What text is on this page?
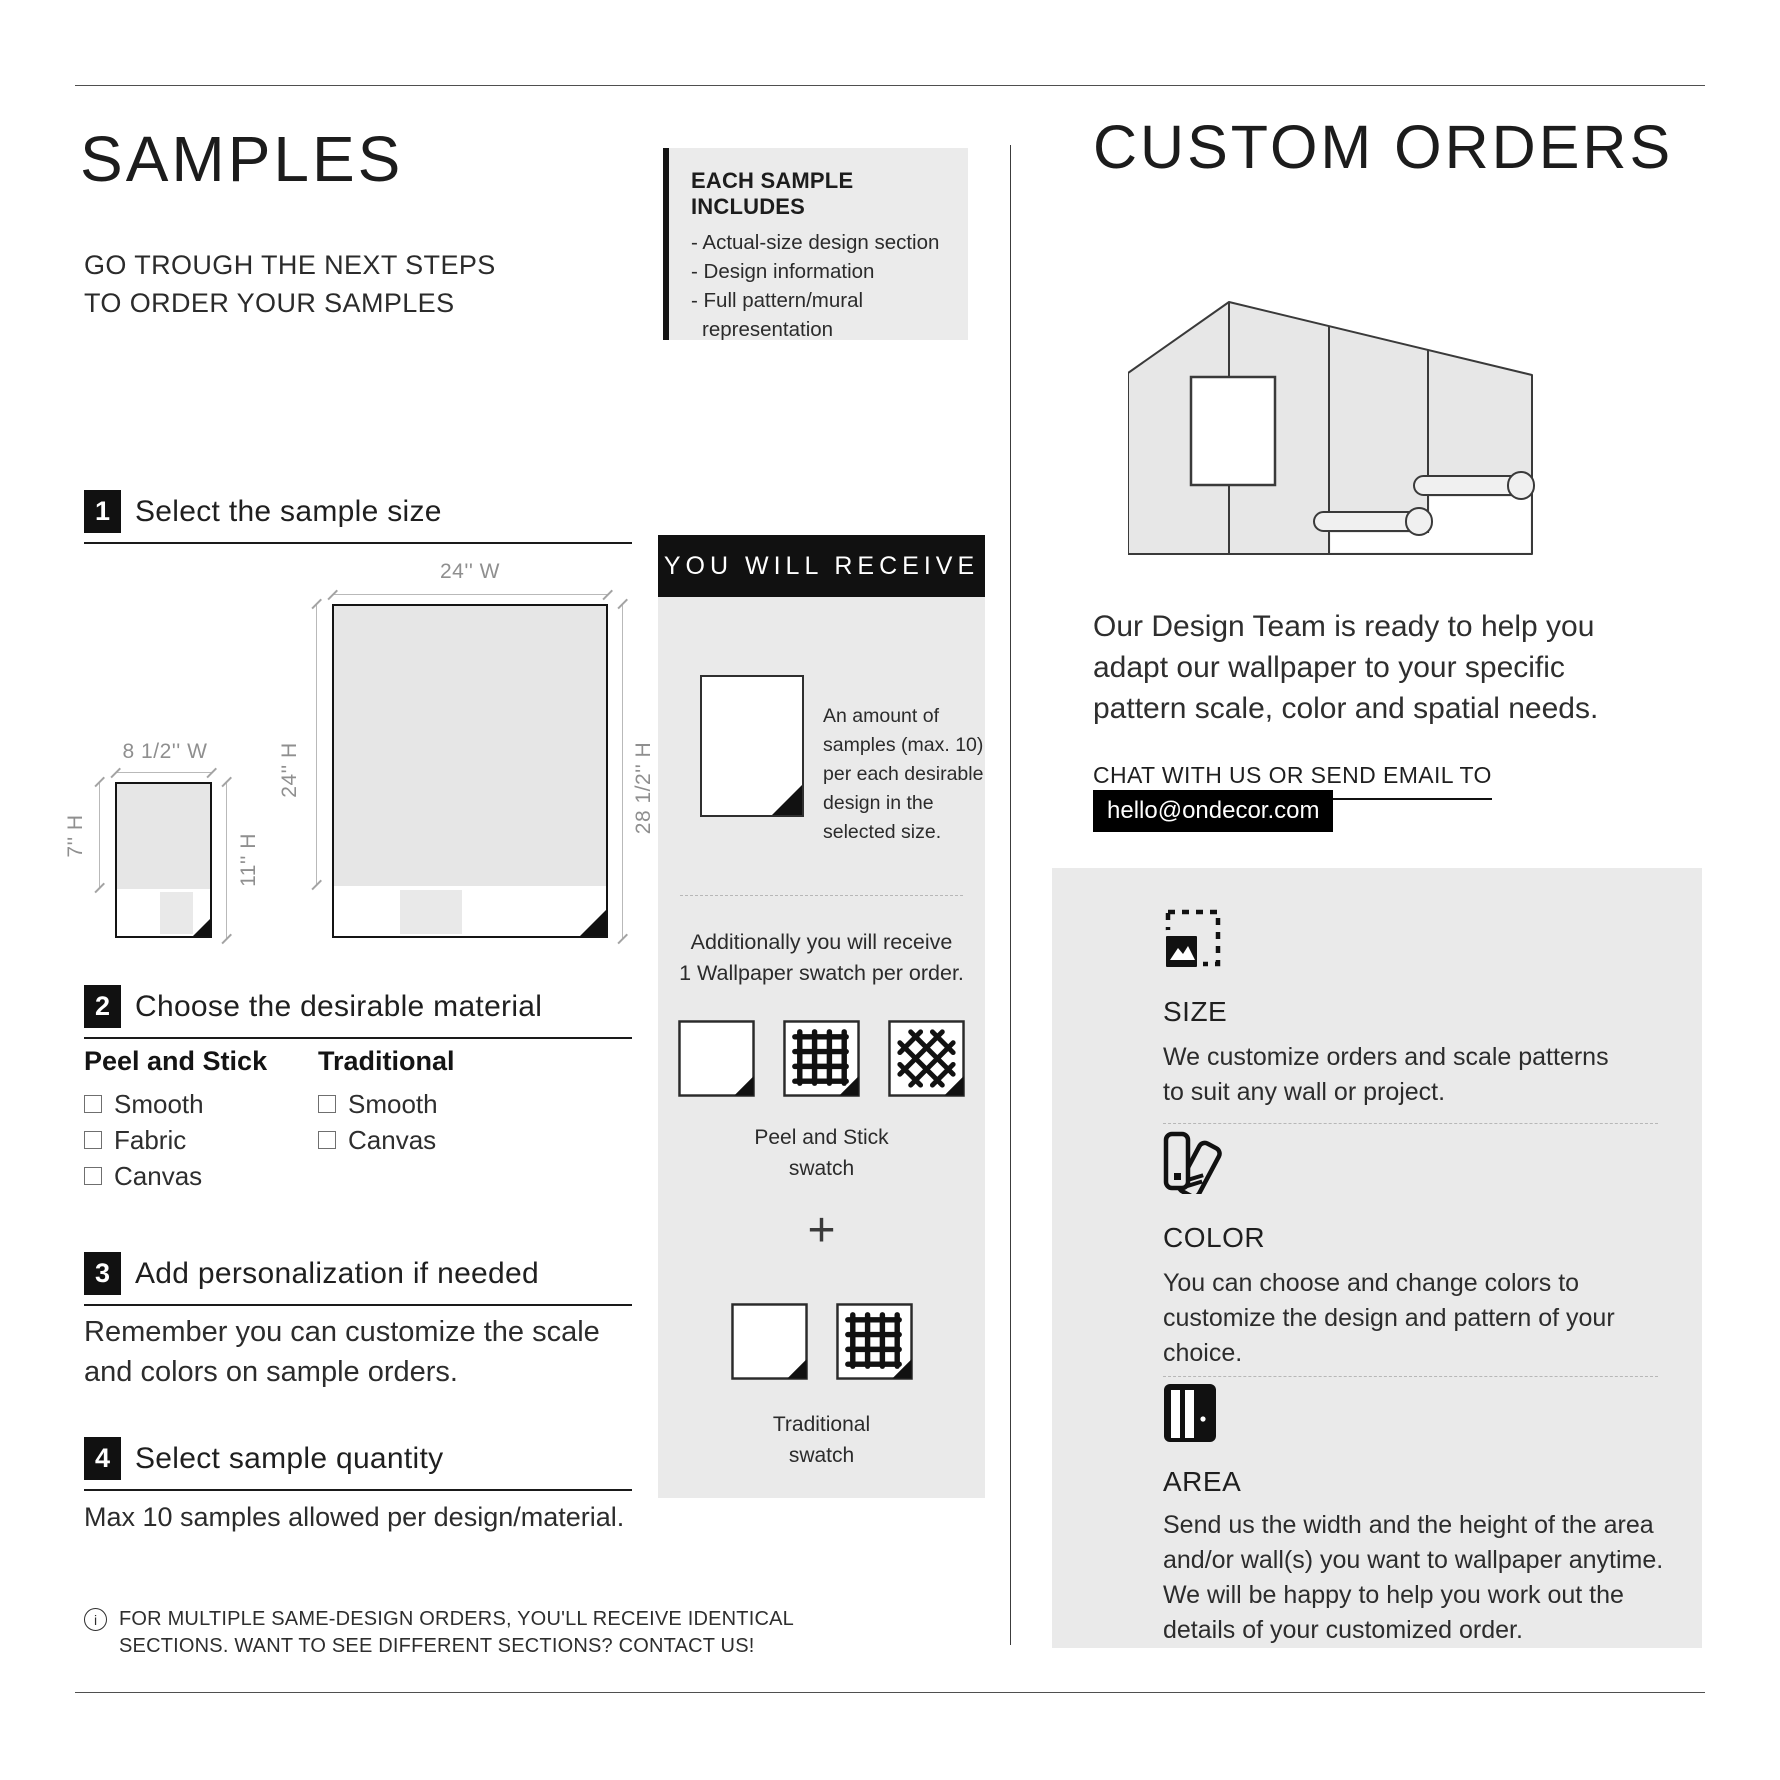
SAMPLES
GO TROUGH THE NEXT STEPS
TO ORDER YOUR SAMPLES
EACH SAMPLE INCLUDES
- Actual-size design section
- Design information
- Full pattern/mural
representation
1 Select the sample size
24'' W
24'' H	28 1/2'' H
8 1/2'' W
7'' H	11'' H
2 Choose the desirable material
Peel and Stick Traditional
Smooth
Fabric
Canvas
Smooth
Canvas
3 Add personalization if needed
Remember you can customize the scale
and colors on sample orders.
4 Select sample quantity
Max 10 samples allowed per design/material.
i	FOR MULTIPLE SAME-DESIGN ORDERS, YOU'LL RECEIVE IDENTICAL
SECTIONS. WANT TO SEE DIFFERENT SECTIONS? CONTACT US!
YOU WILL RECEIVE
An amount of
samples (max. 10)
per each desirable
design in the
selected size.
Additionally you will receive
1 Wallpaper swatch per order.
Peel and Stick
swatch
+
Traditional
swatch
CUSTOM ORDERS
Our Design Team is ready to help you
adapt our wallpaper to your specific
pattern scale, color and spatial needs.
CHAT WITH US OR SEND EMAIL TO
hello@ondecor.com
SIZE
We customize orders and scale patterns
to suit any wall or project.
COLOR
You can choose and change colors to
customize the design and pattern of your
choice.
AREA
Send us the width and the height of the area
and/or wall(s) you want to wallpaper anytime.
We will be happy to help you work out the
details of your customized order.
